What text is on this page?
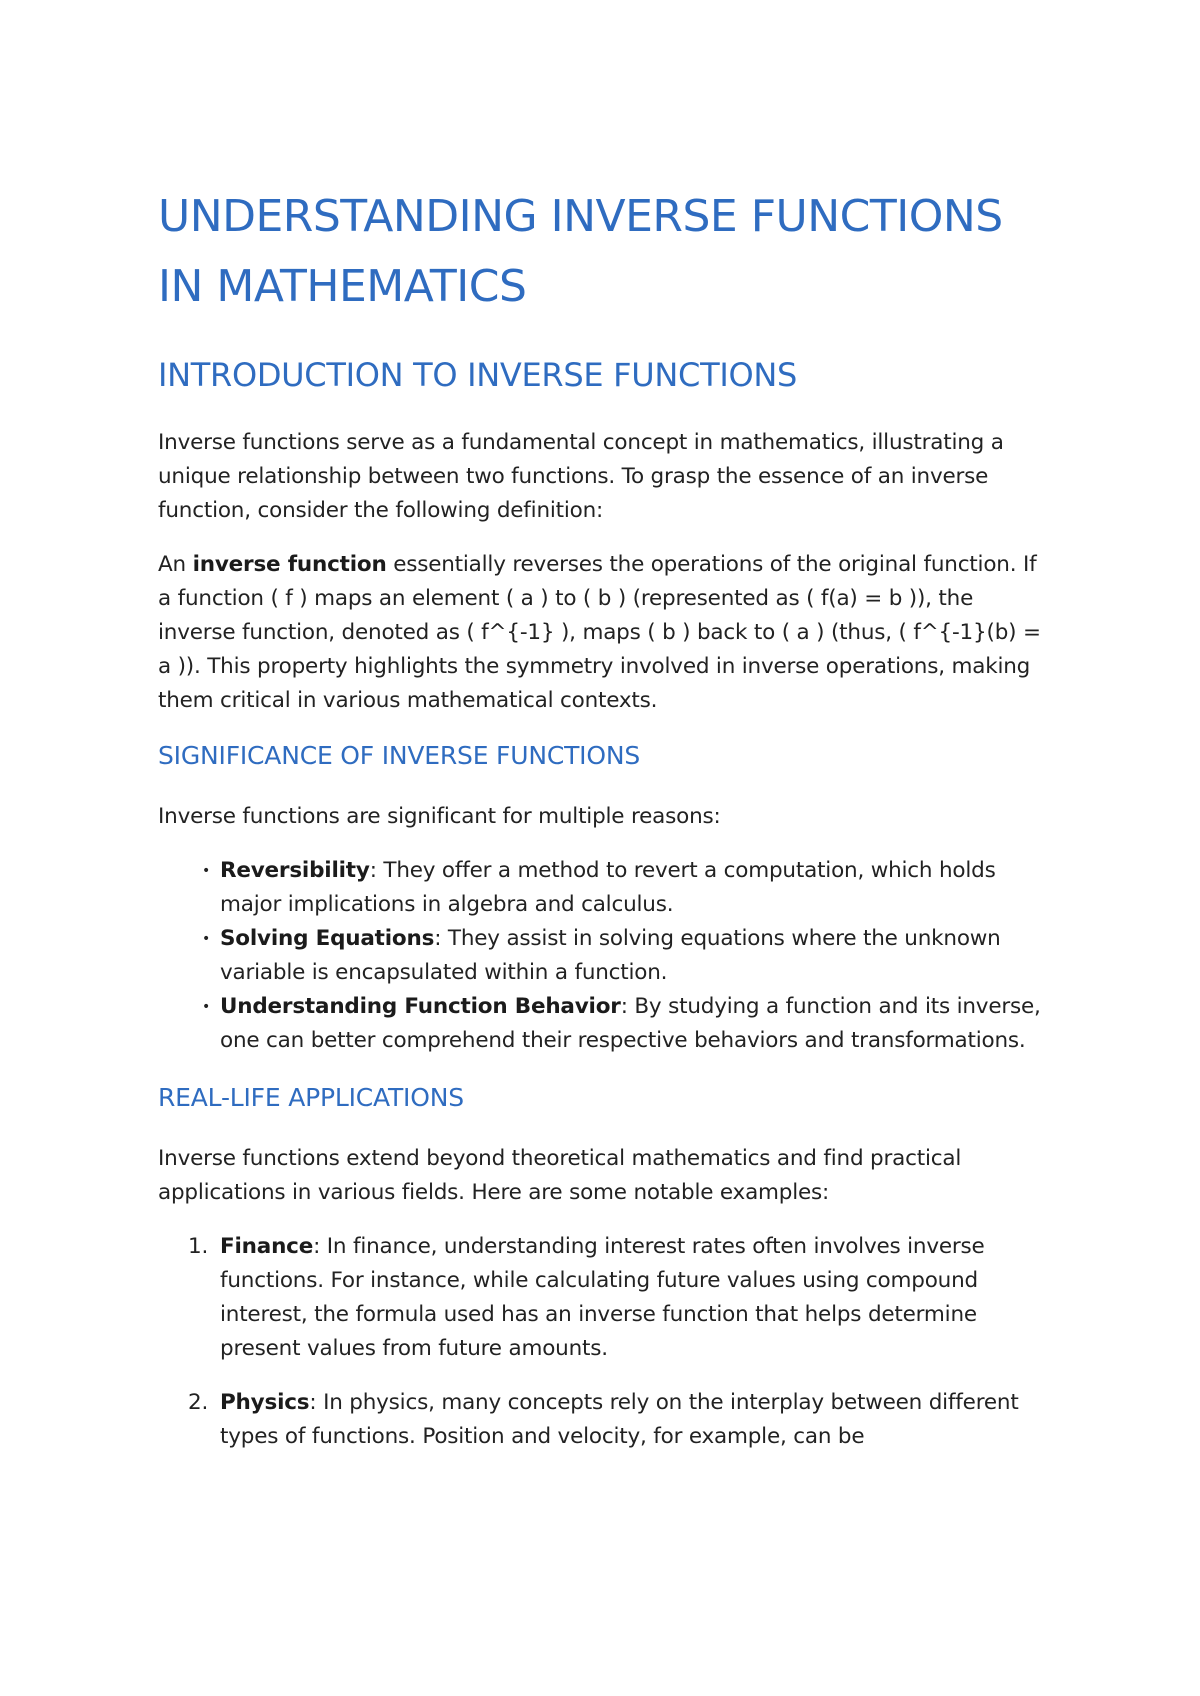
UNDERSTANDING INVERSE FUNCTIONS IN MATHEMATICS
INTRODUCTION TO INVERSE FUNCTIONS

Inverse functions serve as a fundamental concept in mathematics, illustrating a unique relationship between two functions. To grasp the essence of an inverse function, consider the following definition:

An inverse function essentially reverses the operations of the original function. If a function ( f ) maps an element ( a ) to ( b ) (represented as ( f(a) = b )), the inverse function, denoted as ( f^{-1} ), maps ( b ) back to ( a ) (thus, ( f^{-1}(b) = a )). This property highlights the symmetry involved in inverse operations, making them critical in various mathematical contexts.

SIGNIFICANCE OF INVERSE FUNCTIONS

Inverse functions are significant for multiple reasons:

• Reversibility: They offer a method to revert a computation, which holds major implications in algebra and calculus.
• Solving Equations: They assist in solving equations where the unknown variable is encapsulated within a function.
• Understanding Function Behavior: By studying a function and its inverse, one can better comprehend their respective behaviors and transformations.
REAL-LIFE APPLICATIONS

Inverse functions extend beyond theoretical mathematics and find practical applications in various fields. Here are some notable examples:

1. Finance: In finance, understanding interest rates often involves inverse functions. For instance, while calculating future values using compound interest, the formula used has an inverse function that helps determine present values from future amounts.
2. Physics: In physics, many concepts rely on the interplay between different types of functions. Position and velocity, for example, can be
